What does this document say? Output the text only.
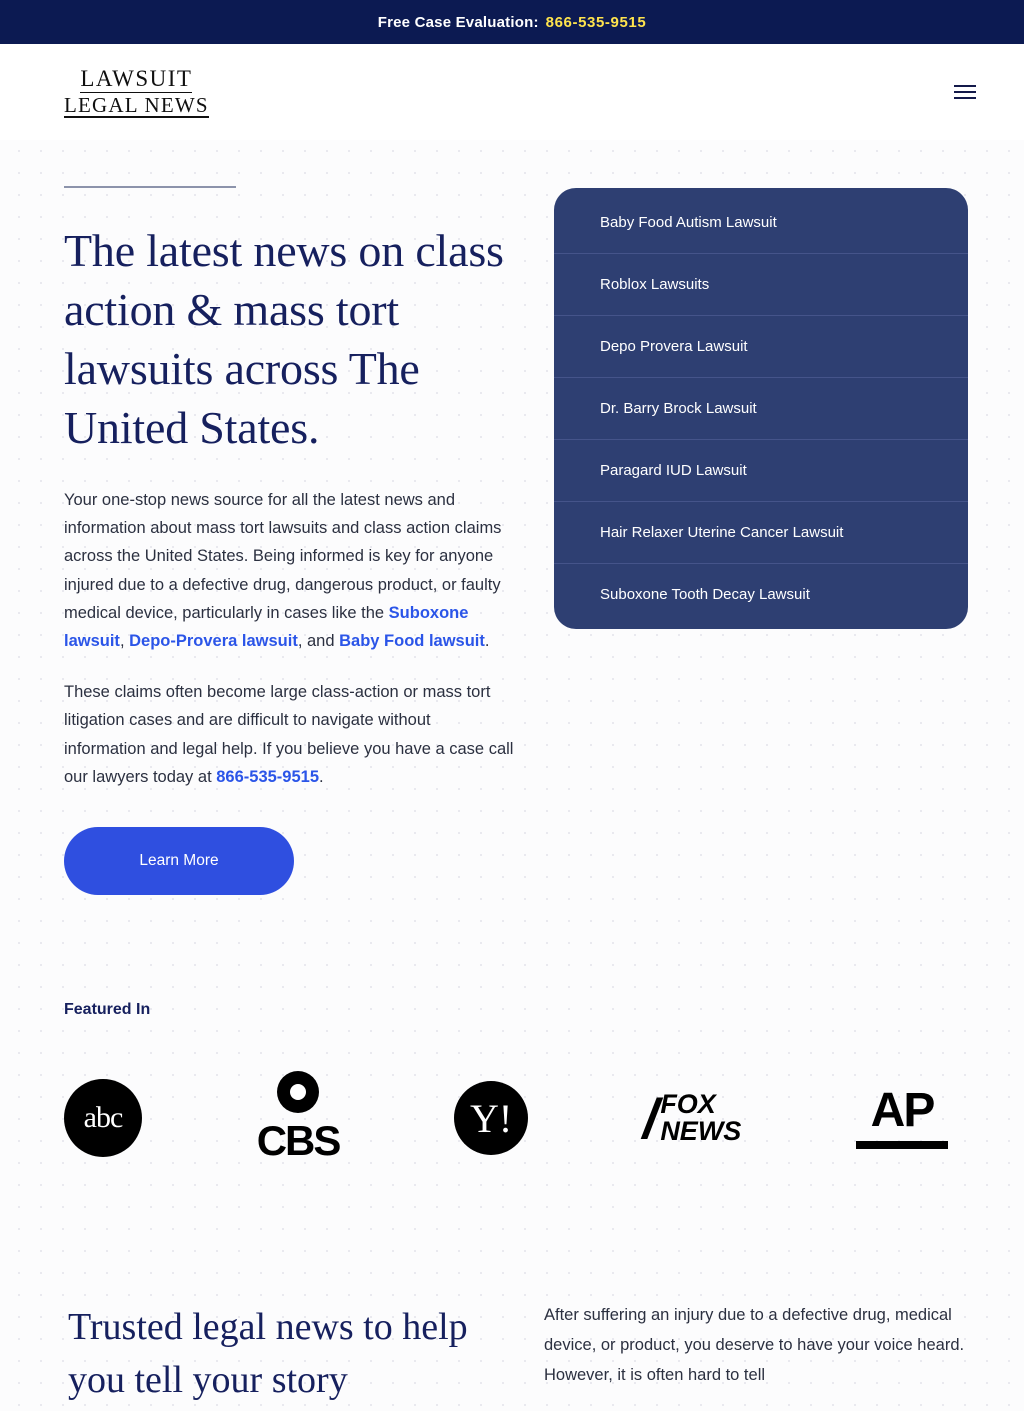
Free Case Evaluation: 866-535-9515
LAWSUIT
LEGAL NEWS
The latest news on class action & mass tort lawsuits across The United States.

Your one-stop news source for all the latest news and information about mass tort lawsuits and class action claims across the United States. Being informed is key for anyone injured due to a defective drug, dangerous product, or faulty medical device, particularly in cases like the Suboxone lawsuit, Depo-Provera lawsuit, and Baby Food lawsuit.

These claims often become large class-action or mass tort litigation cases and are difficult to navigate without information and legal help. If you believe you have a case call our lawyers today at 866-535-9515.

Learn More
Baby Food Autism Lawsuit
Roblox Lawsuits
Depo Provera Lawsuit
Dr. Barry Brock Lawsuit
Paragard IUD Lawsuit
Hair Relaxer Uterine Cancer Lawsuit
Suboxone Tooth Decay Lawsuit
Featured In
abc	CBS	Y! / FOX
NEWS	AP
Trusted legal news to help you tell your story

After suffering an injury due to a defective drug, medical device, or product, you deserve to have your voice heard. However, it is often hard to tell
